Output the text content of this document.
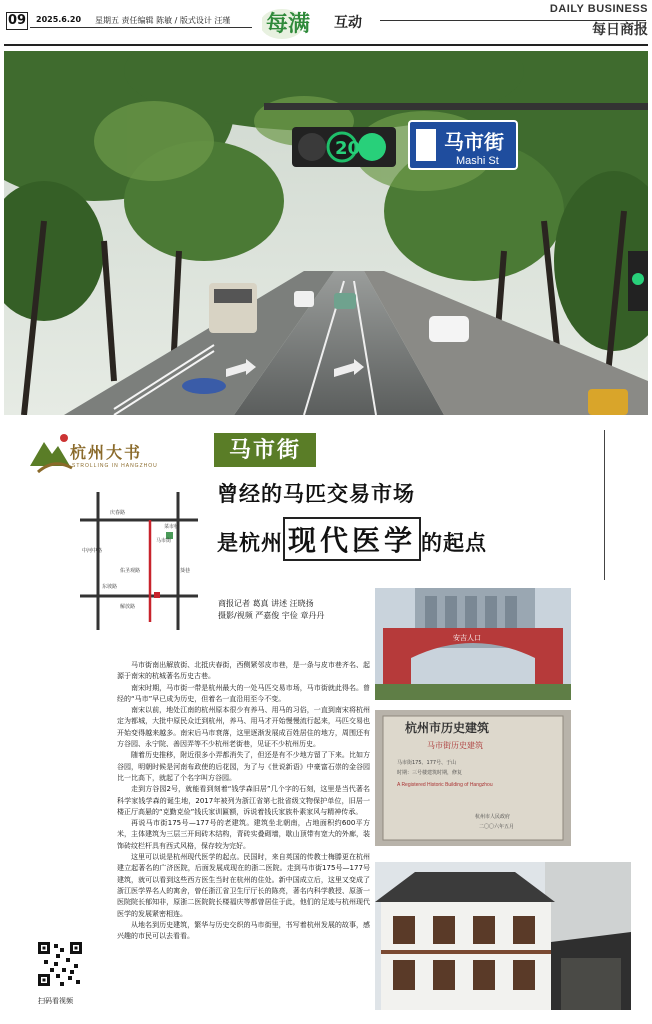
09 2025.6.20 星期五 责任编辑 陈敏 / 版式设计 汪瑾 每满 互动
DAILY BUSINESS
每日商报
20	马市街
Mashi St
杭州大书
STROLLING IN HANGZHOU
马市街
曾经的马匹交易市场
是杭州 现代医学 的起点
庆春路
马市街
菜市桥
佑圣观路
解放路
中河中路
东坡路
葵巷
商报记者 葛真 讲述 汪晓扬
摄影/视频 严嘉俊 宇俭 章丹丹

马市街南出解放街、北抵庆春街，西侧紧邻皮市巷，是一条与皮市巷齐名、起源于南宋的杭城著名历史古巷。

南宋时期，马市街一带是杭州最大的一处马匹交易市场，马市街就此得名。曾经的“马市”早已成为历史，但着名一直沿用至今不变。

南宋以前，地处江南的杭州原本很少有养马、用马的习俗，一直到南宋将杭州定为都城，大批中原民众迁到杭州，养马、用马才开始慢慢流行起来，马匹交易也开始变得越来越多。南宋后马市衰落，这里逐渐发展成百姓居住的地方，周围还有方谷园、永宁院、善因弄等不少杭州老街巷，见证不少杭州历史。

随着历史推移，附近很多小弄都消失了，但还是有不少地方留了下来。比如方谷园，明朝时候是河南布政使的后花园，为了与《世说新语》中豪富石崇的金谷园比一比高下，就起了个名字叫方谷园。

走到方谷园2号，就能看到刻着“钱学森旧居”几个字的石刻，这里是当代著名科学家钱学森的诞生地，2017年被列为浙江省第七批省级文物保护单位，旧居一楼正厅高悬的“克勤克俭”钱氏家训匾额，诉说着钱氏家族朴素家风与精神传承。

再说马市街175号—177号的老建筑。建筑坐北朝南，占地面积约600平方米，主体建筑为三层三开间砖木结构，青砖实叠砌墙，歇山顶带有宽大的外廊，装饰砖纹栏杆具有西式风格，保存较为完好。

这里可以说是杭州现代医学的起点。民国时，来自英国的传教士梅滕更在杭州建立起著名的广济医院，后面发展成现在的浙二医院。走到马市街175号—177号建筑，就可以看到这些西方医生当时在杭州的住处。新中国成立后，这里又变成了浙江医学界名人的寓舍，曾任浙江省卫生厅厅长的陈亮，著名内科学教授、原浙一医院院长郁知非，原浙二医院院长楼福庆等都曾居住于此，他们的足迹与杭州现代医学的发展紧密相连。

从地名到历史建筑，繁华与历史交织的马市街里，书写着杭州发展的故事，感兴趣的市民可以去看看。

安吉人口
杭州市历史建筑
马市街历史建筑
马市街175、177号、于山
时期：三号楼建筑时期，修复
A Registered Historic Building of Hangzhou
杭州市人民政府
二〇〇六年五月
扫码看视频
